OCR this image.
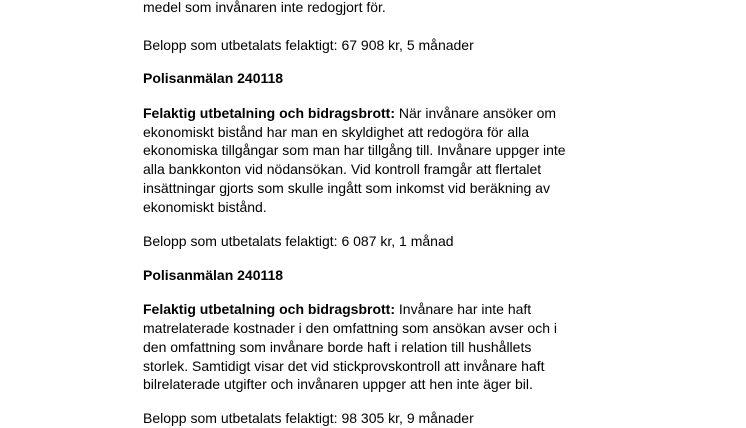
medel som invånaren inte redogjort för.
Belopp som utbetalats felaktigt: 67 908 kr, 5 månader
Polisanmälan 240118
Felaktig utbetalning och bidragsbrott: När invånare ansöker om
ekonomiskt bistånd har man en skyldighet att redogöra för alla
ekonomiska tillgångar som man har tillgång till. Invånare uppger inte
alla bankkonton vid nödansökan. Vid kontroll framgår att flertalet
insättningar gjorts som skulle ingått som inkomst vid beräkning av
ekonomiskt bistånd.
Belopp som utbetalats felaktigt: 6 087 kr, 1 månad
Polisanmälan 240118
Felaktig utbetalning och bidragsbrott: Invånare har inte haft
matrelaterade kostnader i den omfattning som ansökan avser och i
den omfattning som invånare borde haft i relation till hushållets
storlek. Samtidigt visar det vid stickprovskontroll att invånare haft
bilrelaterade utgifter och invånaren uppger att hen inte äger bil.
Belopp som utbetalats felaktigt: 98 305 kr, 9 månader
